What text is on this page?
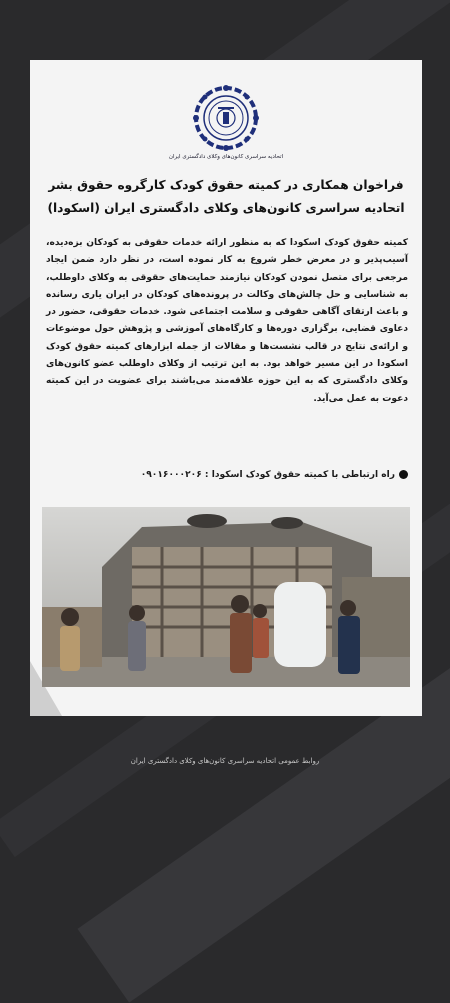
اتحادیه سراسری کانون‌های وکلای دادگستری ایران
فراخوان همکاری در کمیته حقوق کودک کارگروه حقوق بشر
اتحادیه سراسری کانون‌های وکلای دادگستری ایران (اسکودا)
کمیته حقوق کودک اسکودا که به منظور ارائه خدمات حقوقی به کودکان بزه‌دیده، آسیب‌پذیر و در معرض خطر شروع به کار نموده است، در نظر دارد ضمن ایجاد مرجعی برای متصل نمودن کودکان نیازمند حمایت‌های حقوقی به وکلای داوطلب، به شناسایی و حل چالش‌های وکالت در پرونده‌های کودکان در ایران یاری رسانده و باعث ارتقای آگاهی حقوقی و سلامت اجتماعی شود. خدمات حقوقی، حضور در دعاوی قضایی، برگزاری دوره‌ها و کارگاه‌های آموزشی و پژوهش حول موضوعات و ارائه‌ی نتایج در قالب نشست‌ها و مقالات از جمله ابزارهای کمیته حقوق کودک اسکودا در این مسیر خواهد بود. به این ترتیب از وکلای داوطلب عضو کانون‌های وکلای دادگستری که به این حوزه علاقه‌مند می‌باشند برای عضویت در این کمیته دعوت به عمل می‌آید.
راه ارتباطی با کمیته حقوق کودک اسکودا : ۰۹۰۱۶۰۰۰۲۰۶
روابط عمومی اتحادیه سراسری کانون‌های وکلای دادگستری ایران
